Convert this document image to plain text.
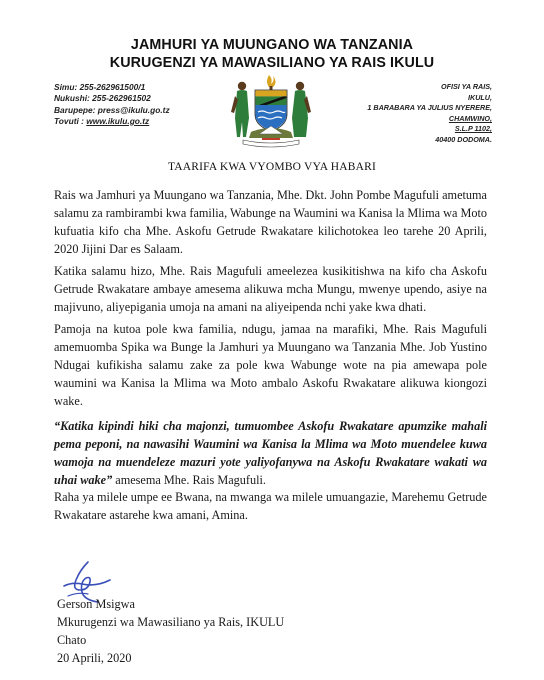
JAMHURI YA MUUNGANO WA TANZANIA
KURUGENZI YA MAWASILIANO YA RAIS IKULU
Simu: 255-262961500/1
Nukushi: 255-262961502
Barupepe: press@ikulu.go.tz
Tovuti : www.ikulu.go.tz
OFISI YA RAIS,
IKULU,
1 BARABARA YA JULIUS NYERERE,
CHAMWINO,
S.L.P 1102,
40400 DODOMA.
TAARIFA KWA VYOMBO VYA HABARI

Rais wa Jamhuri ya Muungano wa Tanzania, Mhe. Dkt. John Pombe Magufuli ametuma salamu za rambirambi kwa familia, Wabunge na Waumini wa Kanisa la Mlima wa Moto kufuatia kifo cha Mhe. Askofu Getrude Rwakatare kilichotokea leo tarehe 20 Aprili, 2020 Jijini Dar es Salaam.

Katika salamu hizo, Mhe. Rais Magufuli ameelezea kusikitishwa na kifo cha Askofu Getrude Rwakatare ambaye amesema alikuwa mcha Mungu, mwenye upendo, asiye na majivuno, aliyepigania umoja na amani na aliyeipenda nchi yake kwa dhati.

Pamoja na kutoa pole kwa familia, ndugu, jamaa na marafiki, Mhe. Rais Magufuli amemuomba Spika wa Bunge la Jamhuri ya Muungano wa Tanzania Mhe. Job Yustino Ndugai kufikisha salamu zake za pole kwa Wabunge wote na pia amewapa pole waumini wa Kanisa la Mlima wa Moto ambalo Askofu Rwakatare alikuwa kiongozi wake.

“Katika kipindi hiki cha majonzi, tumuombee Askofu Rwakatare apumzike mahali pema peponi, na nawasihi Waumini wa Kanisa la Mlima wa Moto muendelee kuwa wamoja na muendeleze mazuri yote yaliyofanywa na Askofu Rwakatare wakati wa uhai wake” amesema Mhe. Rais Magufuli.

Raha ya milele umpe ee Bwana, na mwanga wa milele umuangazie, Marehemu Getrude Rwakatare astarehe kwa amani, Amina.

Gerson Msigwa
Mkurugenzi wa Mawasiliano ya Rais, IKULU
Chato
20 Aprili, 2020
